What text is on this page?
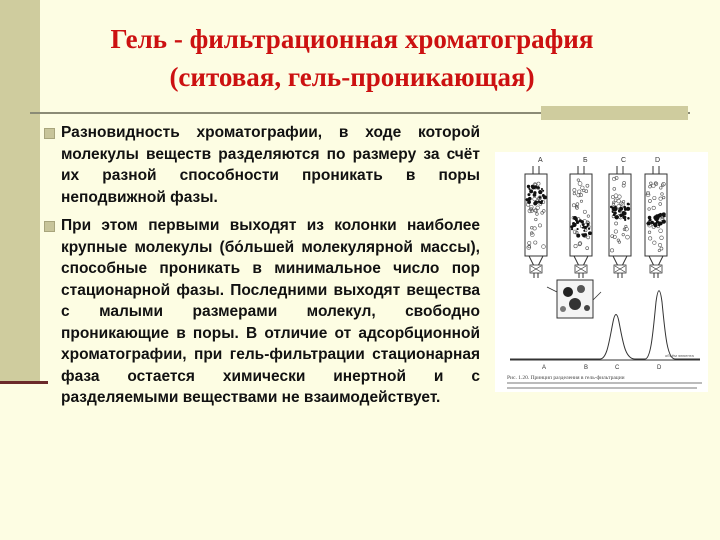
Гель - фильтрационная хроматография
(ситовая, гель-проникающая)
Разновидность хроматографии, в ходе которой молекулы веществ разделяются по размеру за счёт их разной способности проникать в поры неподвижной фазы.
При этом первыми выходят из колонки наиболее крупные молекулы (бо́льшей молекулярной массы), способные проникать в минимальное число пор стационарной фазы. Последними выходят вещества с малыми размерами молекул, свободно проникающие в поры. В отличие от адсорбционной хроматографии, при гель-фильтрации стационарная фаза остается химически инертной и с разделяемыми веществами не взаимодействует.
A	Б	С	D
A	B	C	D
объём элюента
Рис. 1.20. Принцип разделения в гель-фильтрации
